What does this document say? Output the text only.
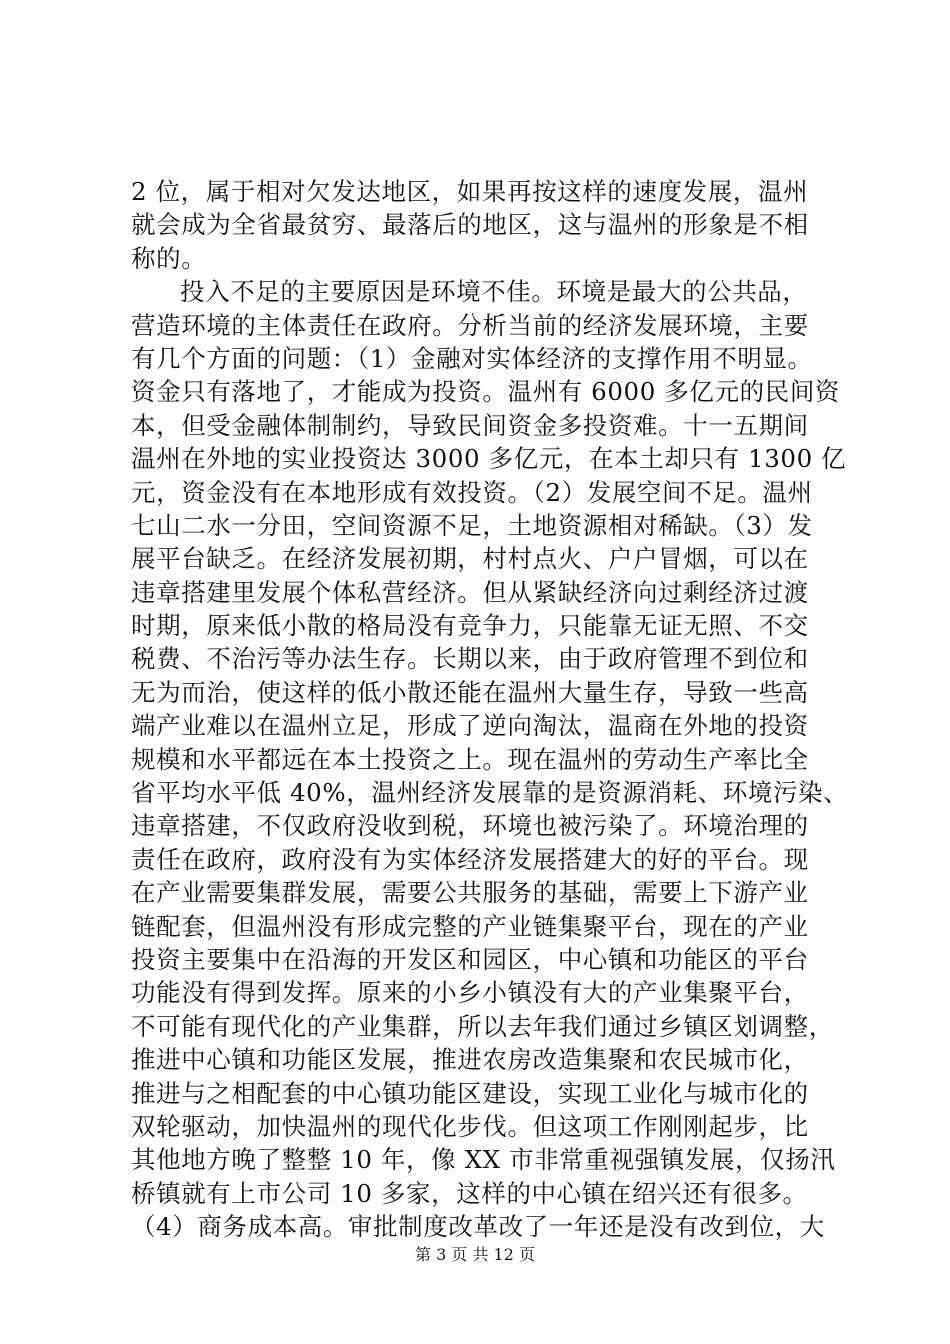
2 位，属于相对欠发达地区，如果再按这样的速度发展，温州
就会成为全省最贫穷、最落后的地区，这与温州的形象是不相
称的。
投入不足的主要原因是环境不佳。环境是最大的公共品，
营造环境的主体责任在政府。分析当前的经济发展环境，主要
有几个方面的问题：（1）金融对实体经济的支撑作用不明显。
资金只有落地了，才能成为投资。温州有 6000 多亿元的民间资
本，但受金融体制制约，导致民间资金多投资难。十一五期间
温州在外地的实业投资达 3000 多亿元，在本土却只有 1300 亿
元，资金没有在本地形成有效投资。（2）发展空间不足。温州
七山二水一分田，空间资源不足，土地资源相对稀缺。（3）发
展平台缺乏。在经济发展初期，村村点火、户户冒烟，可以在
违章搭建里发展个体私营经济。但从紧缺经济向过剩经济过渡
时期，原来低小散的格局没有竞争力，只能靠无证无照、不交
税费、不治污等办法生存。长期以来，由于政府管理不到位和
无为而治，使这样的低小散还能在温州大量生存，导致一些高
端产业难以在温州立足，形成了逆向淘汰，温商在外地的投资
规模和水平都远在本土投资之上。现在温州的劳动生产率比全
省平均水平低 40%，温州经济发展靠的是资源消耗、环境污染、
违章搭建，不仅政府没收到税，环境也被污染了。环境治理的
责任在政府，政府没有为实体经济发展搭建大的好的平台。现
在产业需要集群发展，需要公共服务的基础，需要上下游产业
链配套，但温州没有形成完整的产业链集聚平台，现在的产业
投资主要集中在沿海的开发区和园区，中心镇和功能区的平台
功能没有得到发挥。原来的小乡小镇没有大的产业集聚平台，
不可能有现代化的产业集群，所以去年我们通过乡镇区划调整，
推进中心镇和功能区发展，推进农房改造集聚和农民城市化，
推进与之相配套的中心镇功能区建设，实现工业化与城市化的
双轮驱动，加快温州的现代化步伐。但这项工作刚刚起步，比
其他地方晚了整整 10 年，像 XX 市非常重视强镇发展，仅扬汛
桥镇就有上市公司 10 多家，这样的中心镇在绍兴还有很多。
（4）商务成本高。审批制度改革改了一年还是没有改到位，大
第 3 页 共 12 页
